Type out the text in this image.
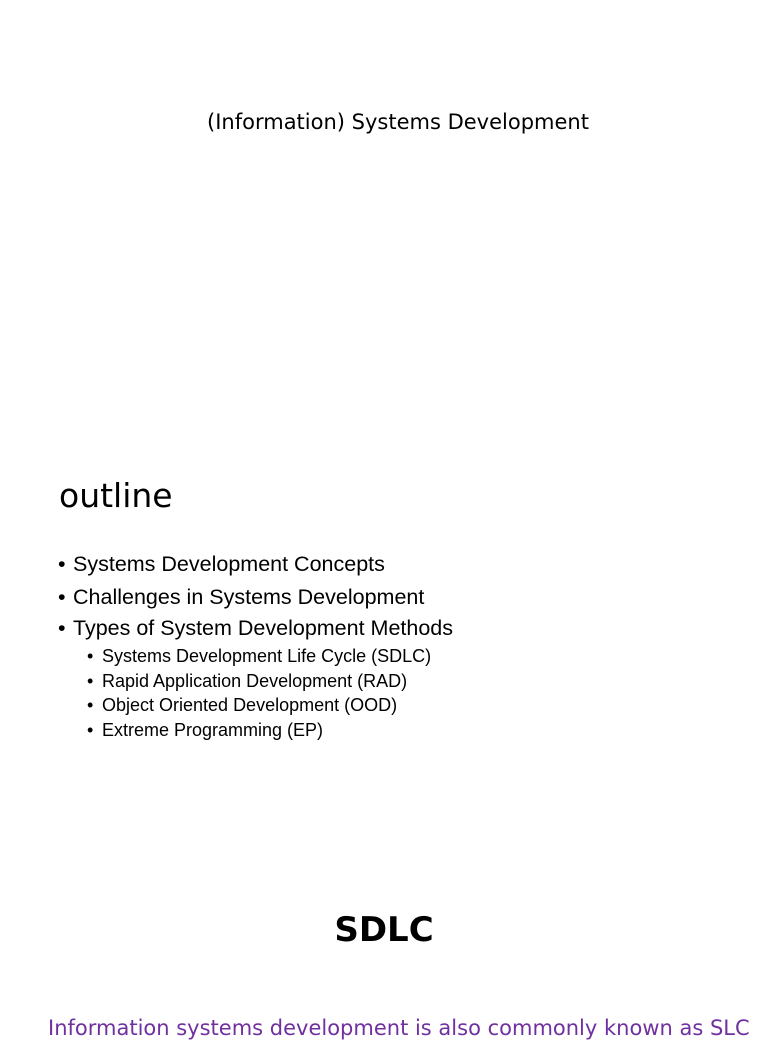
(Information) Systems Development
outline
• Systems Development Concepts
• Challenges in Systems Development
• Types of System Development Methods
• Systems Development Life Cycle (SDLC)
• Rapid Application Development (RAD)
• Object Oriented Development (OOD)
• Extreme Programming (EP)
SDLC
Information systems development is also commonly known as SLC
